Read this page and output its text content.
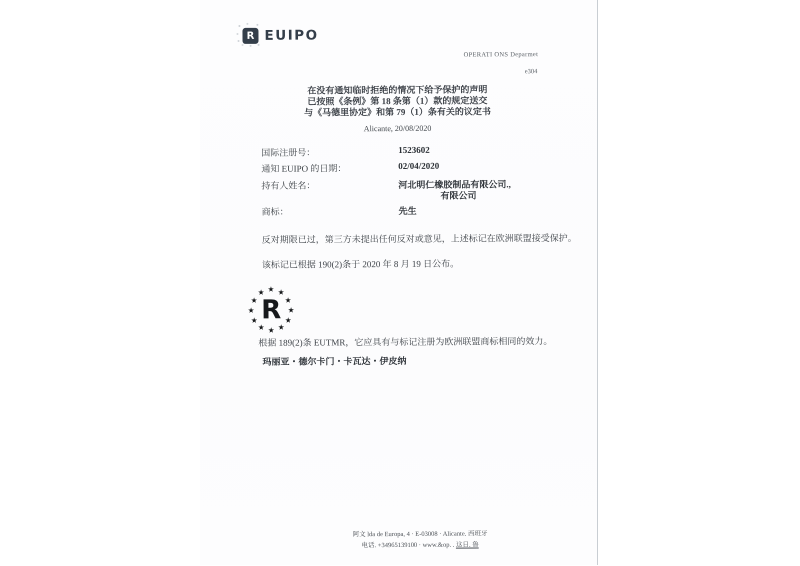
R EUIPO
OPERATI ONS Deparmet
e304
在没有通知临时拒绝的情况下给予保护的声明
已按照《条例》第 18 条第（1）款的规定送交
与《马德里协定》和第 79（1）条有关的议定书
Alicante, 20/08/2020
国际注册号：	1523602
通知 EUIPO 的日期：	02/04/2020
持有人姓名：	河北明仁橡胶制品有限公司.,
有限公司
商标：	先生
反对期限已过，第三方未提出任何反对或意见，上述标记在欧洲联盟接受保护。
该标记已根据 190(2)条于 2020 年 8 月 19 日公布。
★ ★
★
★
★
★
★
★
★
★
★
★
R
根据 189(2)条 EUTMR，它应具有与标记注册为欧洲联盟商标相同的效力。
玛丽亚・德尔卡门・卡瓦达・伊皮纳
阿文 lda de Europa, 4 · E-03008 · Alicante. 西班牙
电话. +34965139100 · www.&op. . 这日. 鲁
